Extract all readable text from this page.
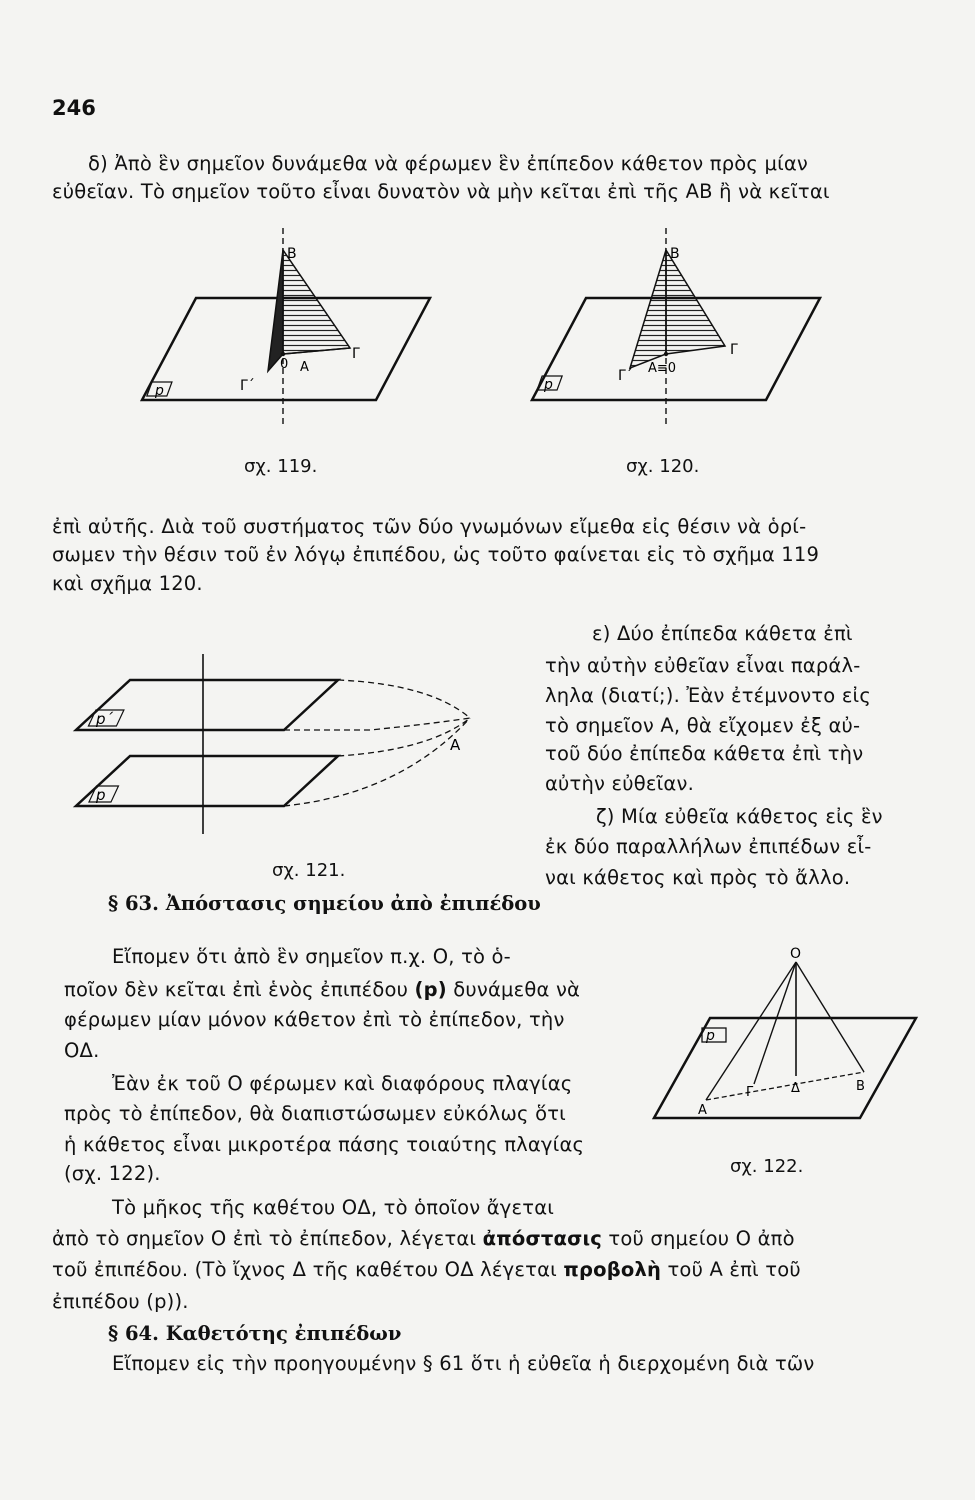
246
δ) Ἀπὸ ἓν σημεῖον δυνάμεθα νὰ φέρωμεν ἓν ἐπίπεδον κάθετον πρὸς μίαν
εὐθεῖαν. Τὸ σημεῖον τοῦτο εἶναι δυνατὸν νὰ μὴν κεῖται ἐπὶ τῆς ΑΒ ἢ νὰ κεῖται
Β
0 Α
Γ
Γ΄
p
σχ. 119.
Β
Α≡0
Γ
Γ΄
p
σχ. 120.
ἐπὶ αὐτῆς. Διὰ τοῦ συστήματος τῶν δύο γνωμόνων εἴμεθα εἰς θέσιν νὰ ὁρί-
σωμεν τὴν θέσιν τοῦ ἐν λόγῳ ἐπιπέδου, ὡς τοῦτο φαίνεται εἰς τὸ σχῆμα 119
καὶ σχῆμα 120.
p΄
p
Α
σχ. 121.
ε) Δύο ἐπίπεδα κάθετα ἐπὶ
τὴν αὐτὴν εὐθεῖαν εἶναι παράλ-
ληλα (διατί;). Ἐὰν ἐτέμνοντο εἰς
τὸ σημεῖον Α, θὰ εἴχομεν ἐξ αὐ-
τοῦ δύο ἐπίπεδα κάθετα ἐπὶ τὴν
αὐτὴν εὐθεῖαν.
ζ) Μία εὐθεῖα κάθετος εἰς ἓν
ἐκ δύο παραλλήλων ἐπιπέδων εἶ-
ναι κάθετος καὶ πρὸς τὸ ἄλλο.
§ 63. Ἀπόστασις σημείου ἀπὸ ἐπιπέδου
Εἴπομεν ὅτι ἀπὸ ἓν σημεῖον π.χ. Ο, τὸ ὁ-
ποῖον δὲν κεῖται ἐπὶ ἑνὸς ἐπιπέδου (p) δυνάμεθα νὰ
φέρωμεν μίαν μόνον κάθετον ἐπὶ τὸ ἐπίπεδον, τὴν
ΟΔ.
Ἐὰν ἐκ τοῦ Ο φέρωμεν καὶ διαφόρους πλαγίας
πρὸς τὸ ἐπίπεδον, θὰ διαπιστώσωμεν εὐκόλως ὅτι
ἡ κάθετος εἶναι μικροτέρα πάσης τοιαύτης πλαγίας
(σχ. 122).
Ο
p
Α
Γ	Δ	Β
σχ. 122.
Τὸ μῆκος τῆς καθέτου ΟΔ, τὸ ὁποῖον ἄγεται
ἀπὸ τὸ σημεῖον Ο ἐπὶ τὸ ἐπίπεδον, λέγεται ἀπόστασις τοῦ σημείου Ο ἀπὸ
τοῦ ἐπιπέδου. (Τὸ ἴχνος Δ τῆς καθέτου ΟΔ λέγεται προβολὴ τοῦ Α ἐπὶ τοῦ
ἐπιπέδου (p)).
§ 64. Καθετότης ἐπιπέδων
Εἴπομεν εἰς τὴν προηγουμένην § 61 ὅτι ἡ εὐθεῖα ἡ διερχομένη διὰ τῶν
